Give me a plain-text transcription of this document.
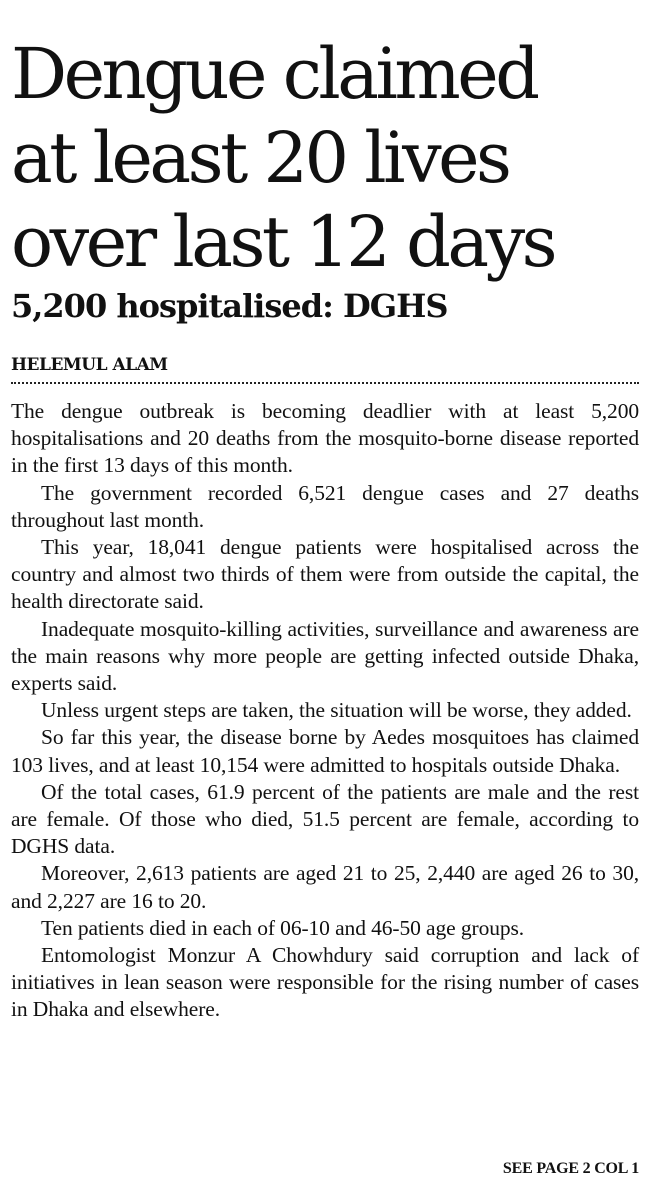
Dengue claimed
at least 20 lives
over last 12 days
5,200 hospitalised: DGHS
HELEMUL ALAM

The dengue outbreak is becoming deadlier with at least 5,200 hospitalisations and 20 deaths from the mosquito-borne disease reported in the first 13 days of this month.

The government recorded 6,521 dengue cases and 27 deaths throughout last month.

This year, 18,041 dengue patients were hospitalised across the country and almost two thirds of them were from outside the capital, the health directorate said.

Inadequate mosquito-killing activities, surveillance and awareness are the main reasons why more people are getting infected outside Dhaka, experts said.

Unless urgent steps are taken, the situation will be worse, they added.

So far this year, the disease borne by Aedes mosquitoes has claimed 103 lives, and at least 10,154 were admitted to hospitals outside Dhaka.

Of the total cases, 61.9 percent of the patients are male and the rest are female. Of those who died, 51.5 percent are female, according to DGHS data.

Moreover, 2,613 patients are aged 21 to 25, 2,440 are aged 26 to 30, and 2,227 are 16 to 20.

Ten patients died in each of 06-10 and 46-50 age groups.

Entomologist Monzur A Chowhdury said corruption and lack of initiatives in lean season were responsible for the rising number of cases in Dhaka and elsewhere.

SEE PAGE 2 COL 1
